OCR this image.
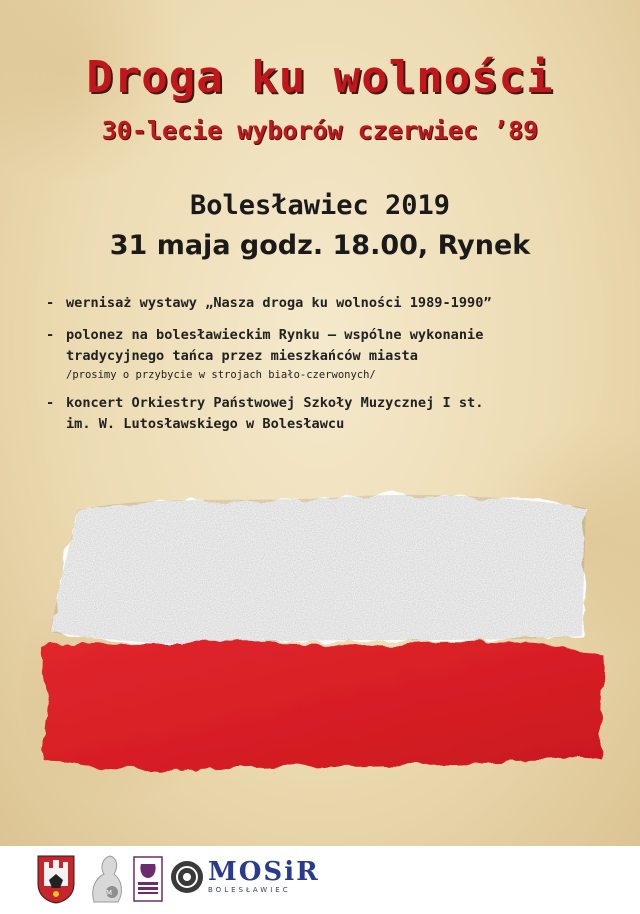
Droga ku wolności
30-lecie wyborów czerwiec ’89
Bolesławiec 2019
31 maja godz. 18.00, Rynek
- wernisaż wystawy „Nasza droga ku wolności 1989-1990”
- polonez na bolesławieckim Rynku – wspólne wykonanie
tradycyjnego tańca przez mieszkańców miasta
/prosimy o przybycie w strojach biało-czerwonych/
- koncert Orkiestry Państwowej Szkoły Muzycznej I st.
im. W. Lutosławskiego w Bolesławcu
M
MOSiR
BOLESŁAWIEC
